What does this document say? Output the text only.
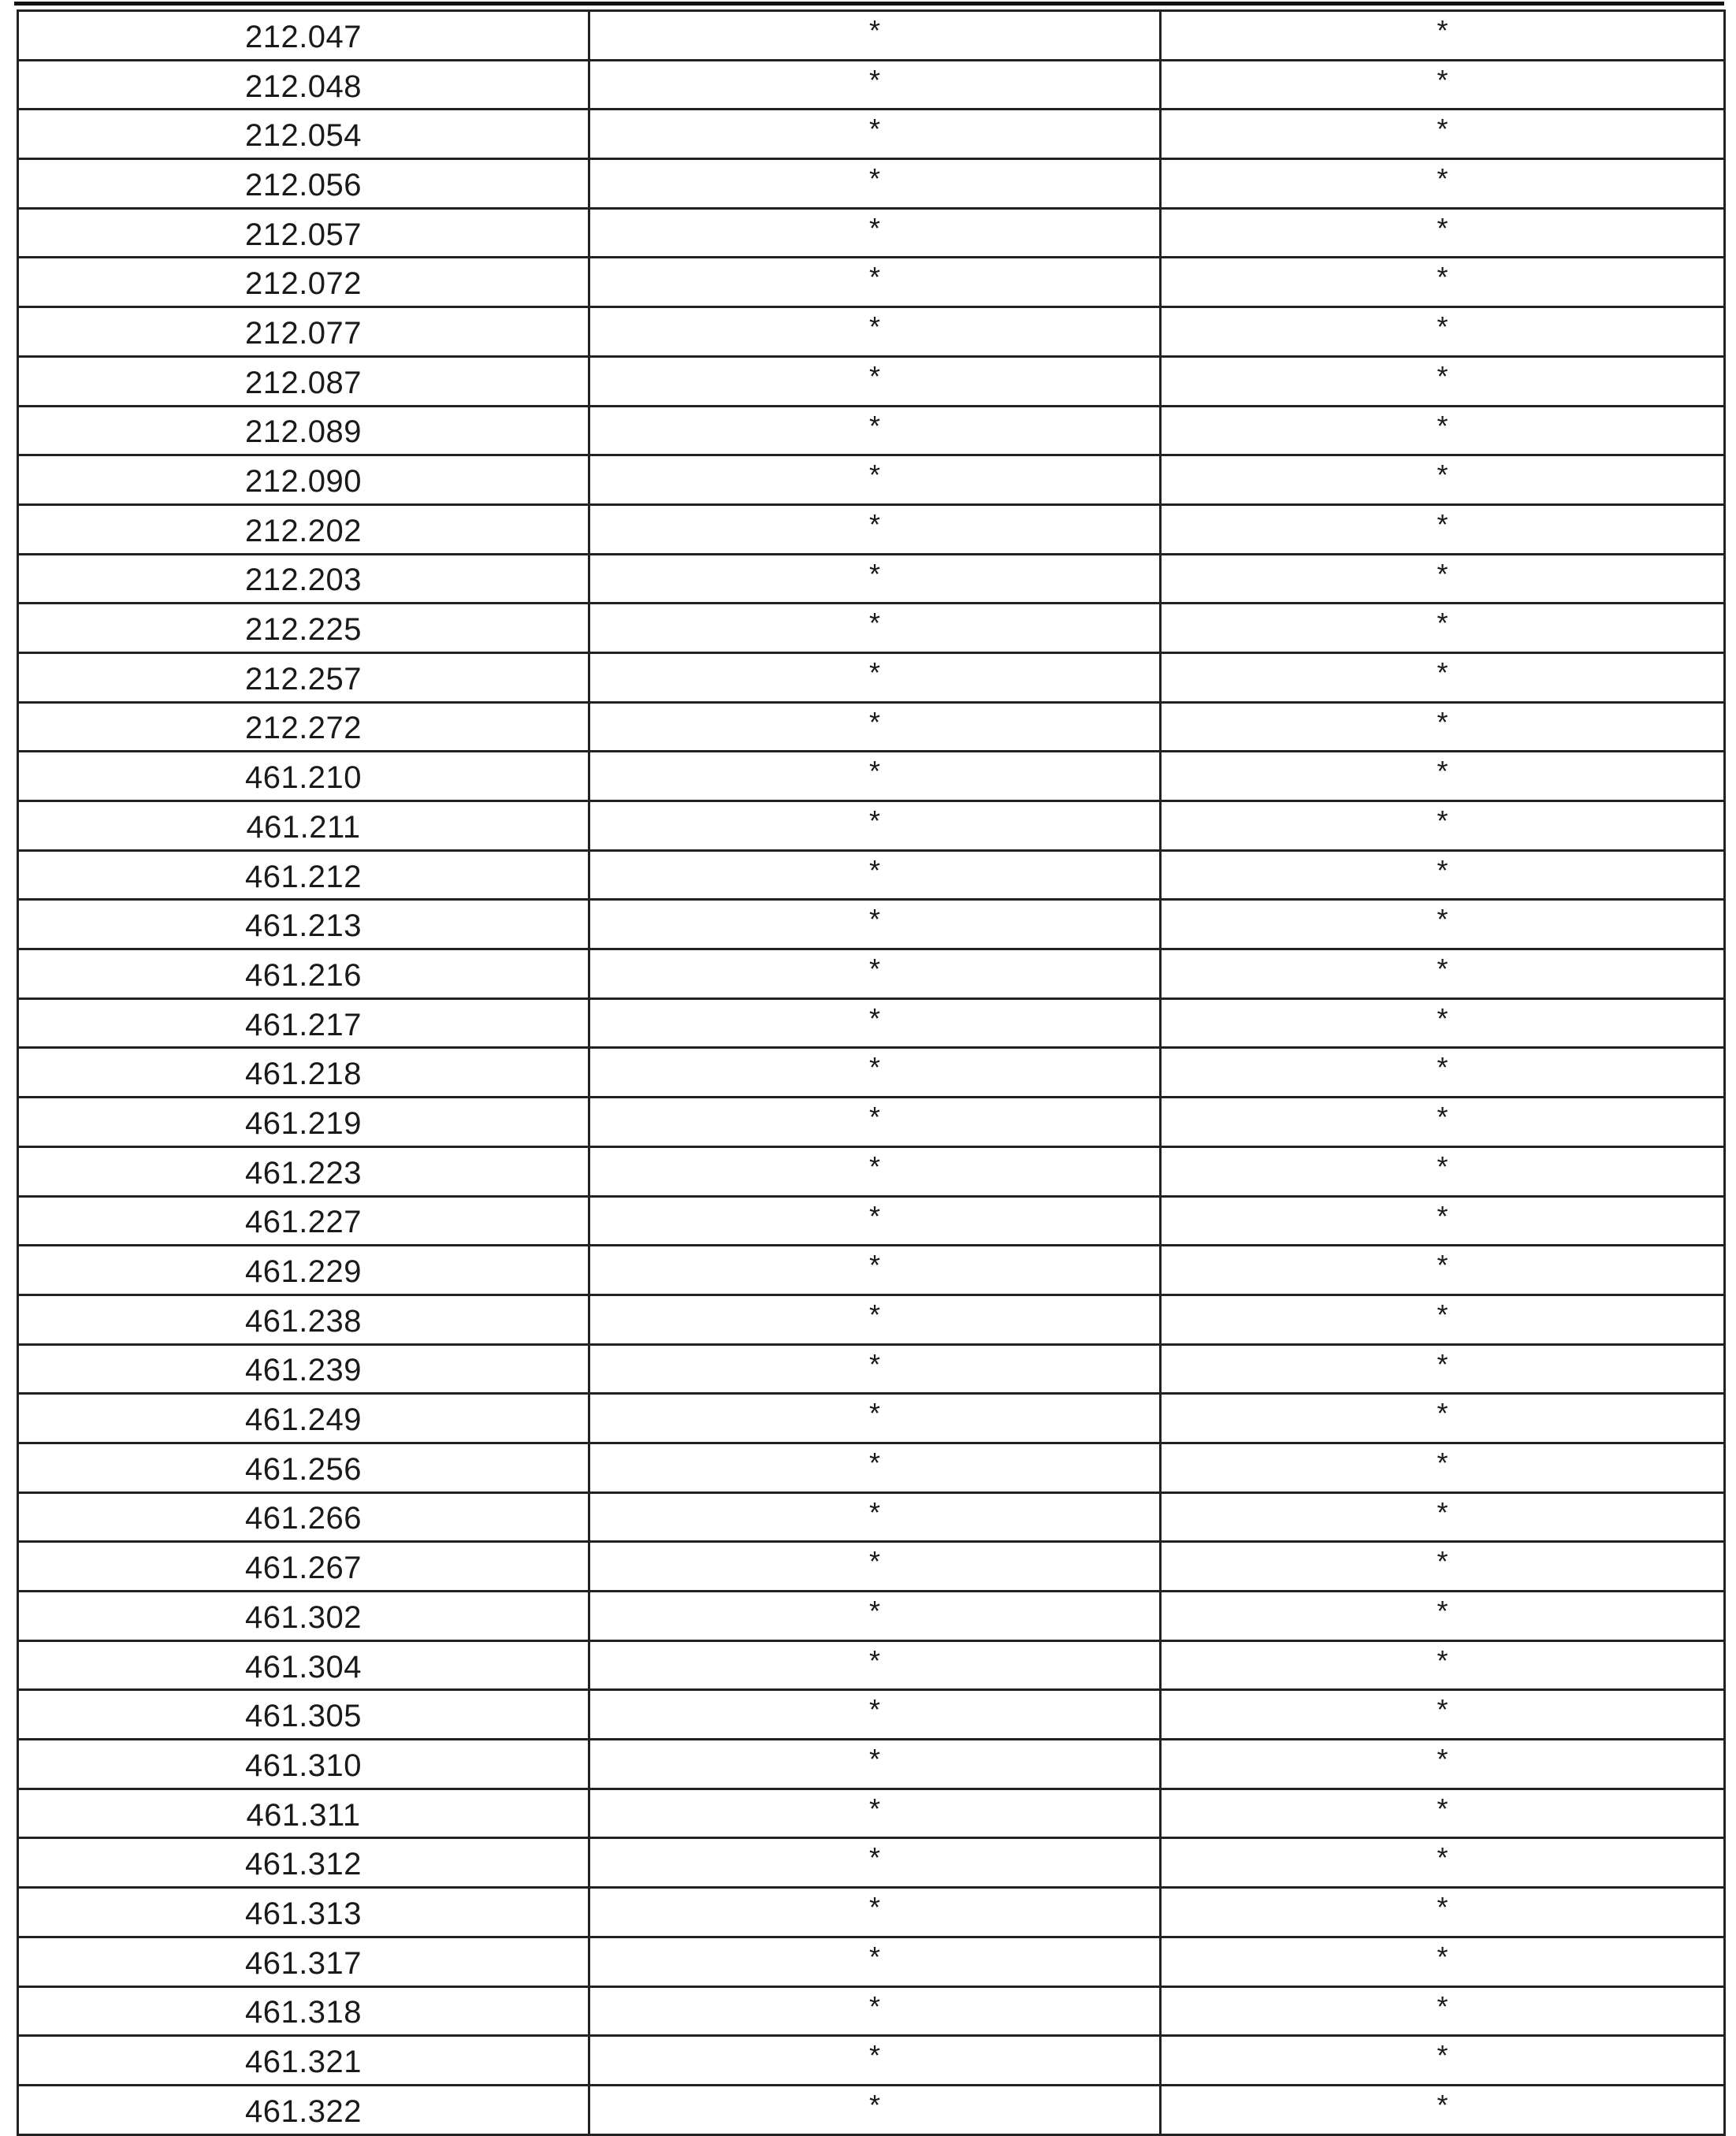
212.047	*	*
212.048	*	*
212.054	*	*
212.056	*	*
212.057	*	*
212.072	*	*
212.077	*	*
212.087	*	*
212.089	*	*
212.090	*	*
212.202	*	*
212.203	*	*
212.225	*	*
212.257	*	*
212.272	*	*
461.210	*	*
461.211	*	*
461.212	*	*
461.213	*	*
461.216	*	*
461.217	*	*
461.218	*	*
461.219	*	*
461.223	*	*
461.227	*	*
461.229	*	*
461.238	*	*
461.239	*	*
461.249	*	*
461.256	*	*
461.266	*	*
461.267	*	*
461.302	*	*
461.304	*	*
461.305	*	*
461.310	*	*
461.311	*	*
461.312	*	*
461.313	*	*
461.317	*	*
461.318	*	*
461.321	*	*
461.322	*	*
